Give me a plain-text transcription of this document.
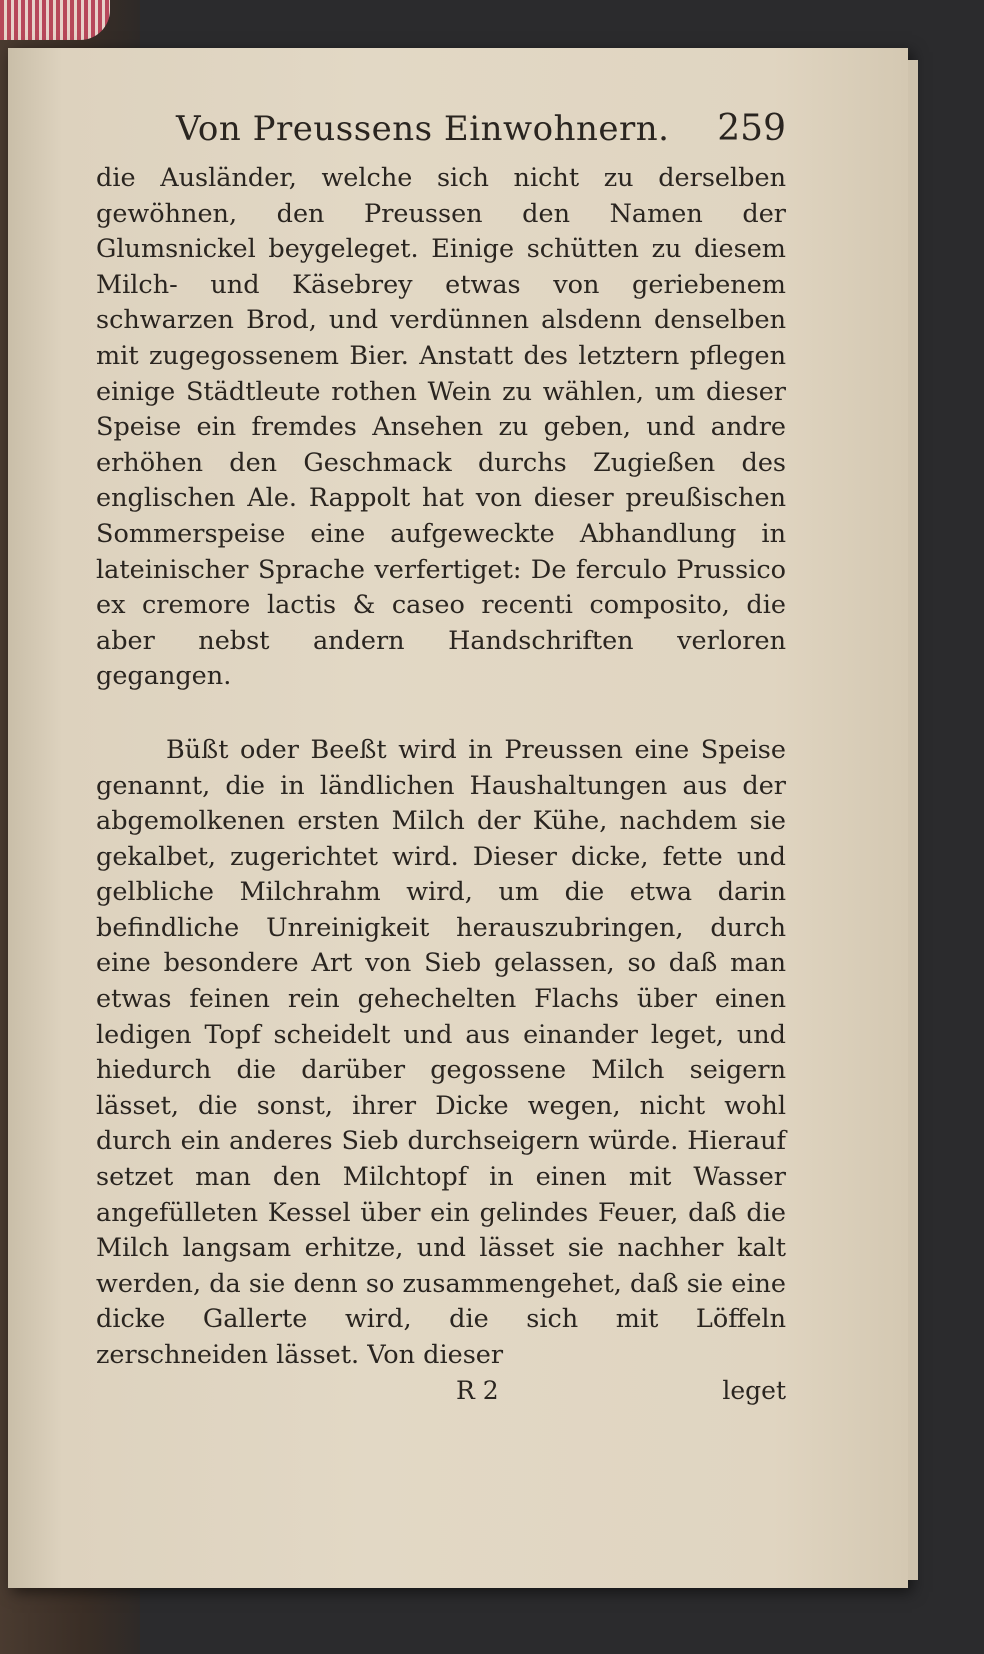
Von Preussens Einwohnern. 259

die Ausländer, welche sich nicht zu derselben gewöhnen, den Preussen den Namen der Glumsnickel beygeleget. Einige schütten zu diesem Milch- und Käsebrey etwas von geriebenem schwarzen Brod, und verdünnen alsdenn denselben mit zugegossenem Bier. Anstatt des letztern pflegen einige Städtleute rothen Wein zu wählen, um dieser Speise ein fremdes Ansehen zu geben, und andre erhöhen den Geschmack durchs Zugießen des englischen Ale. Rappolt hat von dieser preußischen Sommerspeise eine aufgeweckte Abhandlung in lateinischer Sprache verfertiget: De ferculo Prussico ex cremore lactis & caseo recenti composito, die aber nebst andern Handschriften verloren gegangen.

Büßt oder Beeßt wird in Preussen eine Speise genannt, die in ländlichen Haushaltungen aus der abgemolkenen ersten Milch der Kühe, nachdem sie gekalbet, zugerichtet wird. Dieser dicke, fette und gelbliche Milchrahm wird, um die etwa darin befindliche Unreinigkeit herauszubringen, durch eine besondere Art von Sieb gelassen, so daß man etwas feinen rein gehechelten Flachs über einen ledigen Topf scheidelt und aus einander leget, und hiedurch die darüber gegossene Milch seigern lässet, die sonst, ihrer Dicke wegen, nicht wohl durch ein anderes Sieb durchseigern würde. Hierauf setzet man den Milchtopf in einen mit Wasser angefülleten Kessel über ein gelindes Feuer, daß die Milch langsam erhitze, und lässet sie nachher kalt werden, da sie denn so zusammengehet, daß sie eine dicke Gallerte wird, die sich mit Löffeln zerschneiden lässet. Von dieser

R 2	leget
